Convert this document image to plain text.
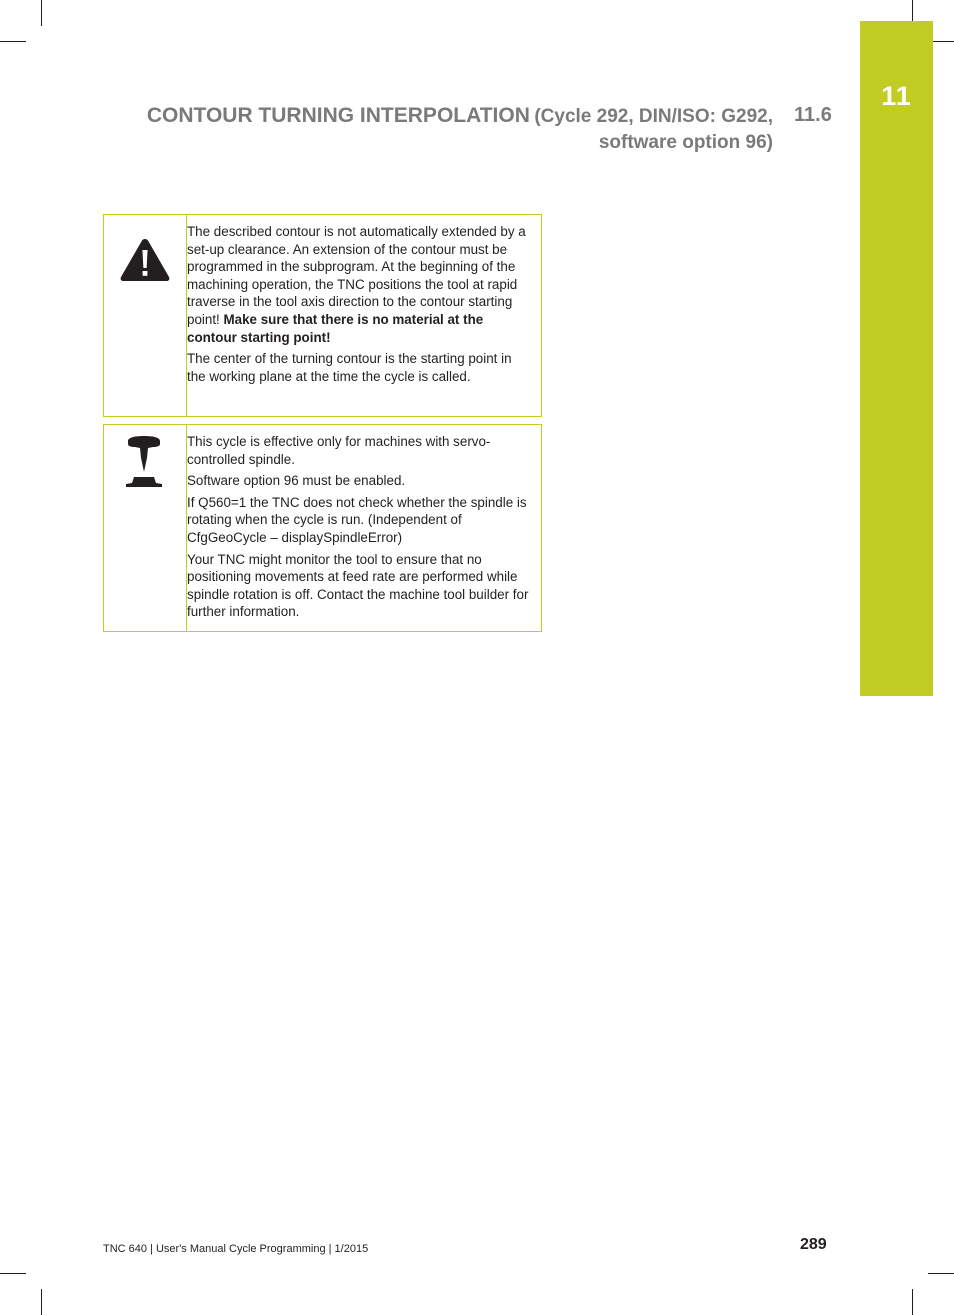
11
CONTOUR TURNING INTERPOLATION (Cycle 292, DIN/ISO: G292,
software option 96)
11.6

The described contour is not automatically extended by a set-up clearance. An extension of the contour must be programmed in the subprogram. At the beginning of the machining operation, the TNC positions the tool at rapid traverse in the tool axis direction to the contour starting point! Make sure that there is no material at the contour starting point!

The center of the turning contour is the starting point in the working plane at the time the cycle is called.

This cycle is effective only for machines with servo-controlled spindle.

Software option 96 must be enabled.

If Q560=1 the TNC does not check whether the spindle is rotating when the cycle is run. (Independent of CfgGeoCycle – displaySpindleError)

Your TNC might monitor the tool to ensure that no positioning movements at feed rate are performed while spindle rotation is off. Contact the machine tool builder for further information.

TNC 640 | User's Manual Cycle Programming | 1/2015	289
